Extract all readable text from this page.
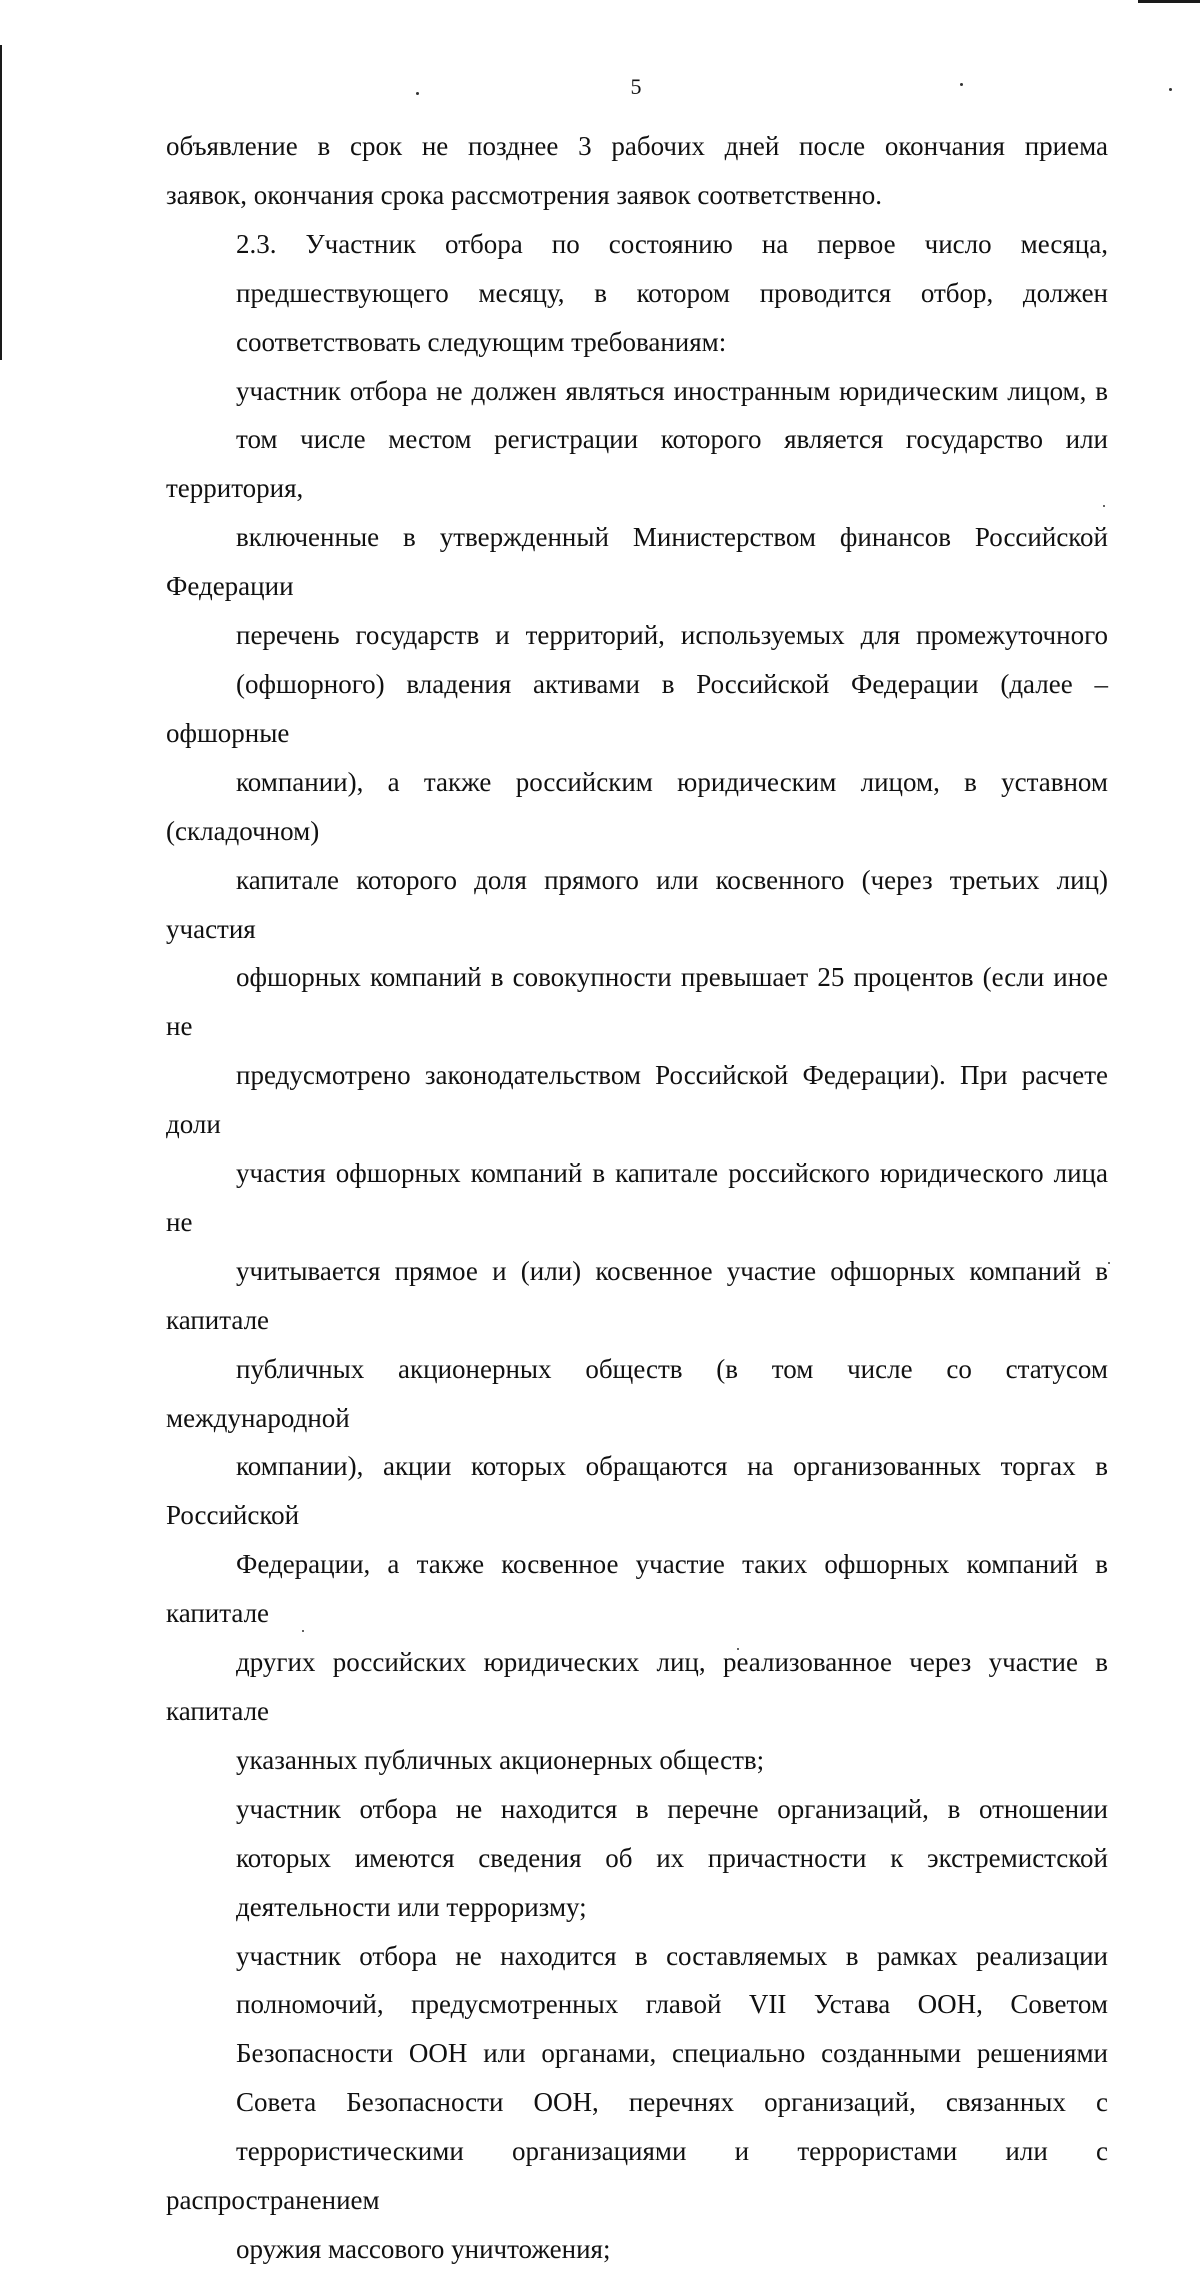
5

объявление в срок не позднее 3 рабочих дней после окончания приема
заявок, окончания срока рассмотрения заявок соответственно.

2.3. Участник отбора по состоянию на первое число месяца,
предшествующего месяцу, в котором проводится отбор, должен
соответствовать следующим требованиям:

участник отбора не должен являться иностранным юридическим лицом, в
том числе местом регистрации которого является государство или территория,
включенные в утвержденный Министерством финансов Российской Федерации
перечень государств и территорий, используемых для промежуточного
(офшорного) владения активами в Российской Федерации (далее – офшорные
компании), а также российским юридическим лицом, в уставном (складочном)
капитале которого доля прямого или косвенного (через третьих лиц) участия
офшорных компаний в совокупности превышает 25 процентов (если иное не
предусмотрено законодательством Российской Федерации). При расчете доли
участия офшорных компаний в капитале российского юридического лица не
учитывается прямое и (или) косвенное участие офшорных компаний в капитале
публичных акционерных обществ (в том числе со статусом международной
компании), акции которых обращаются на организованных торгах в Российской
Федерации, а также косвенное участие таких офшорных компаний в капитале
других российских юридических лиц, реализованное через участие в капитале
указанных публичных акционерных обществ;

участник отбора не находится в перечне организаций, в отношении
которых имеются сведения об их причастности к экстремистской
деятельности или терроризму;

участник отбора не находится в составляемых в рамках реализации
полномочий, предусмотренных главой VII Устава ООН, Советом
Безопасности ООН или органами, специально созданными решениями
Совета Безопасности ООН, перечнях организаций, связанных с
террористическими организациями и террористами или с распространением
оружия массового уничтожения;
